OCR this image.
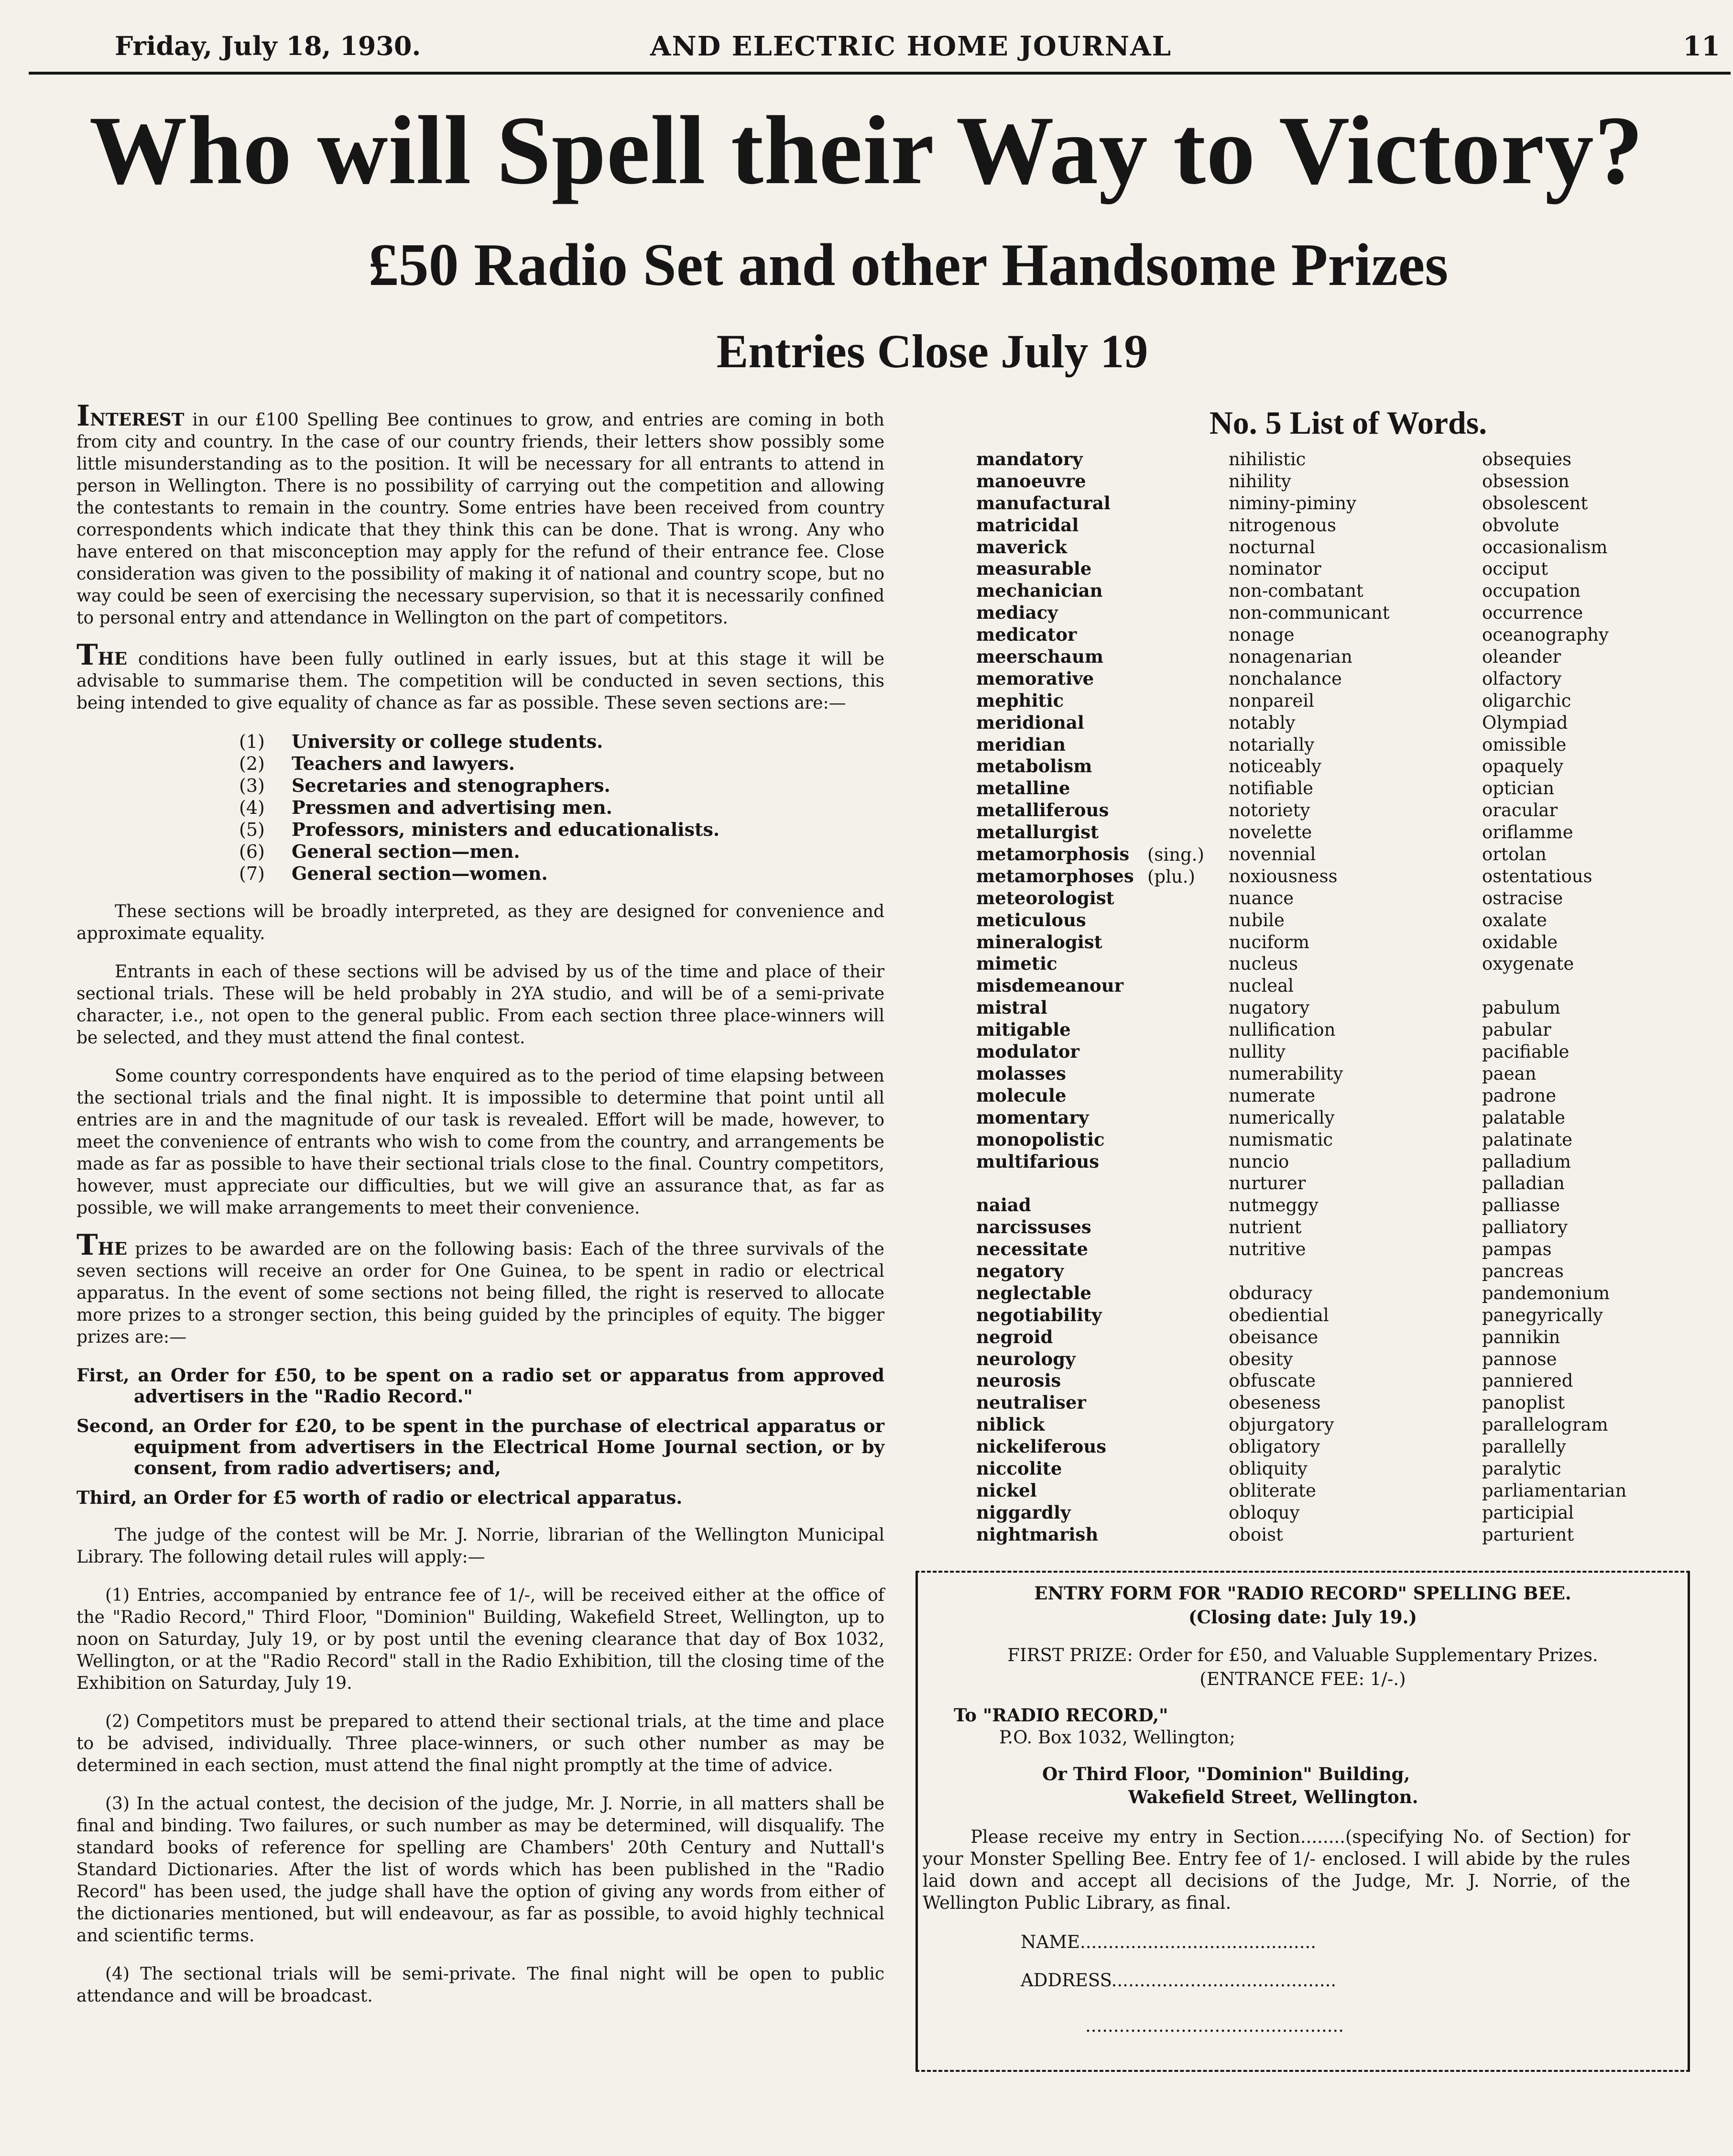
Friday, July 18, 1930.	AND ELECTRIC HOME JOURNAL	11
Who will Spell their Way to Victory?
£50 Radio Set and other Handsome Prizes
Entries Close July 19

INTEREST in our £100 Spelling Bee continues to grow, and entries are coming in both from city and country. In the case of our country friends, their letters show possibly some little misunderstanding as to the position. It will be necessary for all entrants to attend in person in Wellington. There is no possibility of carrying out the competition and allowing the contestants to remain in the country. Some entries have been received from country correspondents which indicate that they think this can be done. That is wrong. Any who have entered on that misconception may apply for the refund of their entrance fee. Close consideration was given to the possibility of making it of national and country scope, but no way could be seen of exercising the necessary supervision, so that it is necessarily confined to personal entry and attendance in Wellington on the part of competitors.

THE conditions have been fully outlined in early issues, but at this stage it will be advisable to summarise them. The competition will be conducted in seven sections, this being intended to give equality of chance as far as possible. These seven sections are:—

(1) University or college students.
(2) Teachers and lawyers.
(3) Secretaries and stenographers.
(4) Pressmen and advertising men.
(5) Professors, ministers and educationalists.
(6) General section—men.
(7) General section—women.

These sections will be broadly interpreted, as they are designed for convenience and approximate equality.

Entrants in each of these sections will be advised by us of the time and place of their sectional trials. These will be held probably in 2YA studio, and will be of a semi-private character, i.e., not open to the general public. From each section three place-winners will be selected, and they must attend the final contest.

Some country correspondents have enquired as to the period of time elapsing between the sectional trials and the final night. It is impossible to determine that point until all entries are in and the magnitude of our task is revealed. Effort will be made, however, to meet the convenience of entrants who wish to come from the country, and arrangements be made as far as possible to have their sectional trials close to the final. Country competitors, however, must appreciate our difficulties, but we will give an assurance that, as far as possible, we will make arrangements to meet their convenience.

THE prizes to be awarded are on the following basis: Each of the three survivals of the seven sections will receive an order for One Guinea, to be spent in radio or electrical apparatus. In the event of some sections not being filled, the right is reserved to allocate more prizes to a stronger section, this being guided by the principles of equity. The bigger prizes are:—

First, an Order for £50, to be spent on a radio set or apparatus from approved advertisers in the "Radio Record."
Second, an Order for £20, to be spent in the purchase of electrical apparatus or equipment from advertisers in the Electrical Home Journal section, or by consent, from radio advertisers; and,
Third, an Order for £5 worth of radio or electrical apparatus.

The judge of the contest will be Mr. J. Norrie, librarian of the Wellington Municipal Library. The following detail rules will apply:—

(1) Entries, accompanied by entrance fee of 1/-, will be received either at the office of the "Radio Record," Third Floor, "Dominion" Building, Wakefield Street, Wellington, up to noon on Saturday, July 19, or by post until the evening clearance that day of Box 1032, Wellington, or at the "Radio Record" stall in the Radio Exhibition, till the closing time of the Exhibition on Saturday, July 19.

(2) Competitors must be prepared to attend their sectional trials, at the time and place to be advised, individually. Three place-winners, or such other number as may be determined in each section, must attend the final night promptly at the time of advice.

(3) In the actual contest, the decision of the judge, Mr. J. Norrie, in all matters shall be final and binding. Two failures, or such number as may be determined, will disqualify. The standard books of reference for spelling are Chambers' 20th Century and Nuttall's Standard Dictionaries. After the list of words which has been published in the "Radio Record" has been used, the judge shall have the option of giving any words from either of the dictionaries mentioned, but will endeavour, as far as possible, to avoid highly technical and scientific terms.

(4) The sectional trials will be semi-private. The final night will be open to public attendance and will be broadcast.

No. 5 List of Words.
mandatory
manoeuvre
manufactural
matricidal
maverick
measurable
mechanician
mediacy
medicator
meerschaum
memorative
mephitic
meridional
meridian
metabolism
metalline
metalliferous
metallurgist
metamorphosis
metamorphoses
meteorologist
meticulous
mineralogist
mimetic
misdemeanour
mistral
mitigable
modulator
molasses
molecule
momentary
monopolistic
multifarious
naiad
narcissuses
necessitate
negatory
neglectable
negotiability
negroid
neurology
neurosis
neutraliser
niblick
nickeliferous
niccolite
nickel
niggardly
nightmarish
nihilistic
nihility
niminy-piminy
nitrogenous
nocturnal
nominator
non-combatant
non-communicant
nonage
nonagenarian
nonchalance
nonpareil
notably
notarially
noticeably
notifiable
notoriety
novelette
novennial
noxiousness
nuance
nubile
nuciform
nucleus
nucleal
nugatory
nullification
nullity
numerability
numerate
numerically
numismatic
nuncio
nurturer
nutmeggy
nutrient
nutritive
obduracy
obediential
obeisance
obesity
obfuscate
obeseness
objurgatory
obligatory
obliquity
obliterate
obloquy
oboist
obsequies
obsession
obsolescent
obvolute
occasionalism
occiput
occupation
occurrence
oceanography
oleander
olfactory
oligarchic
Olympiad
omissible
opaquely
optician
oracular
oriflamme
ortolan
ostentatious
ostracise
oxalate
oxidable
oxygenate
pabulum
pabular
pacifiable
paean
padrone
palatable
palatinate
palladium
palladian
palliasse
palliatory
pampas
pancreas
pandemonium
panegyrically
pannikin
pannose
panniered
panoplist
parallelogram
parallelly
paralytic
parliamentarian
participial
parturient
(sing.)
(plu.)
ENTRY FORM FOR "RADIO RECORD" SPELLING BEE.
(Closing date: July 19.)
FIRST PRIZE: Order for £50, and Valuable Supplementary Prizes.
(ENTRANCE FEE: 1/-.)
To "RADIO RECORD,"
P.O. Box 1032, Wellington;
Or Third Floor, "Dominion" Building,
Wakefield Street, Wellington.
Please receive my entry in Section........(specifying No. of Section) for your Monster Spelling Bee. Entry fee of 1/- enclosed. I will abide by the rules laid down and accept all decisions of the Judge, Mr. J. Norrie, of the Wellington Public Library, as final.
NAME..........................................
ADDRESS........................................
..............................................
